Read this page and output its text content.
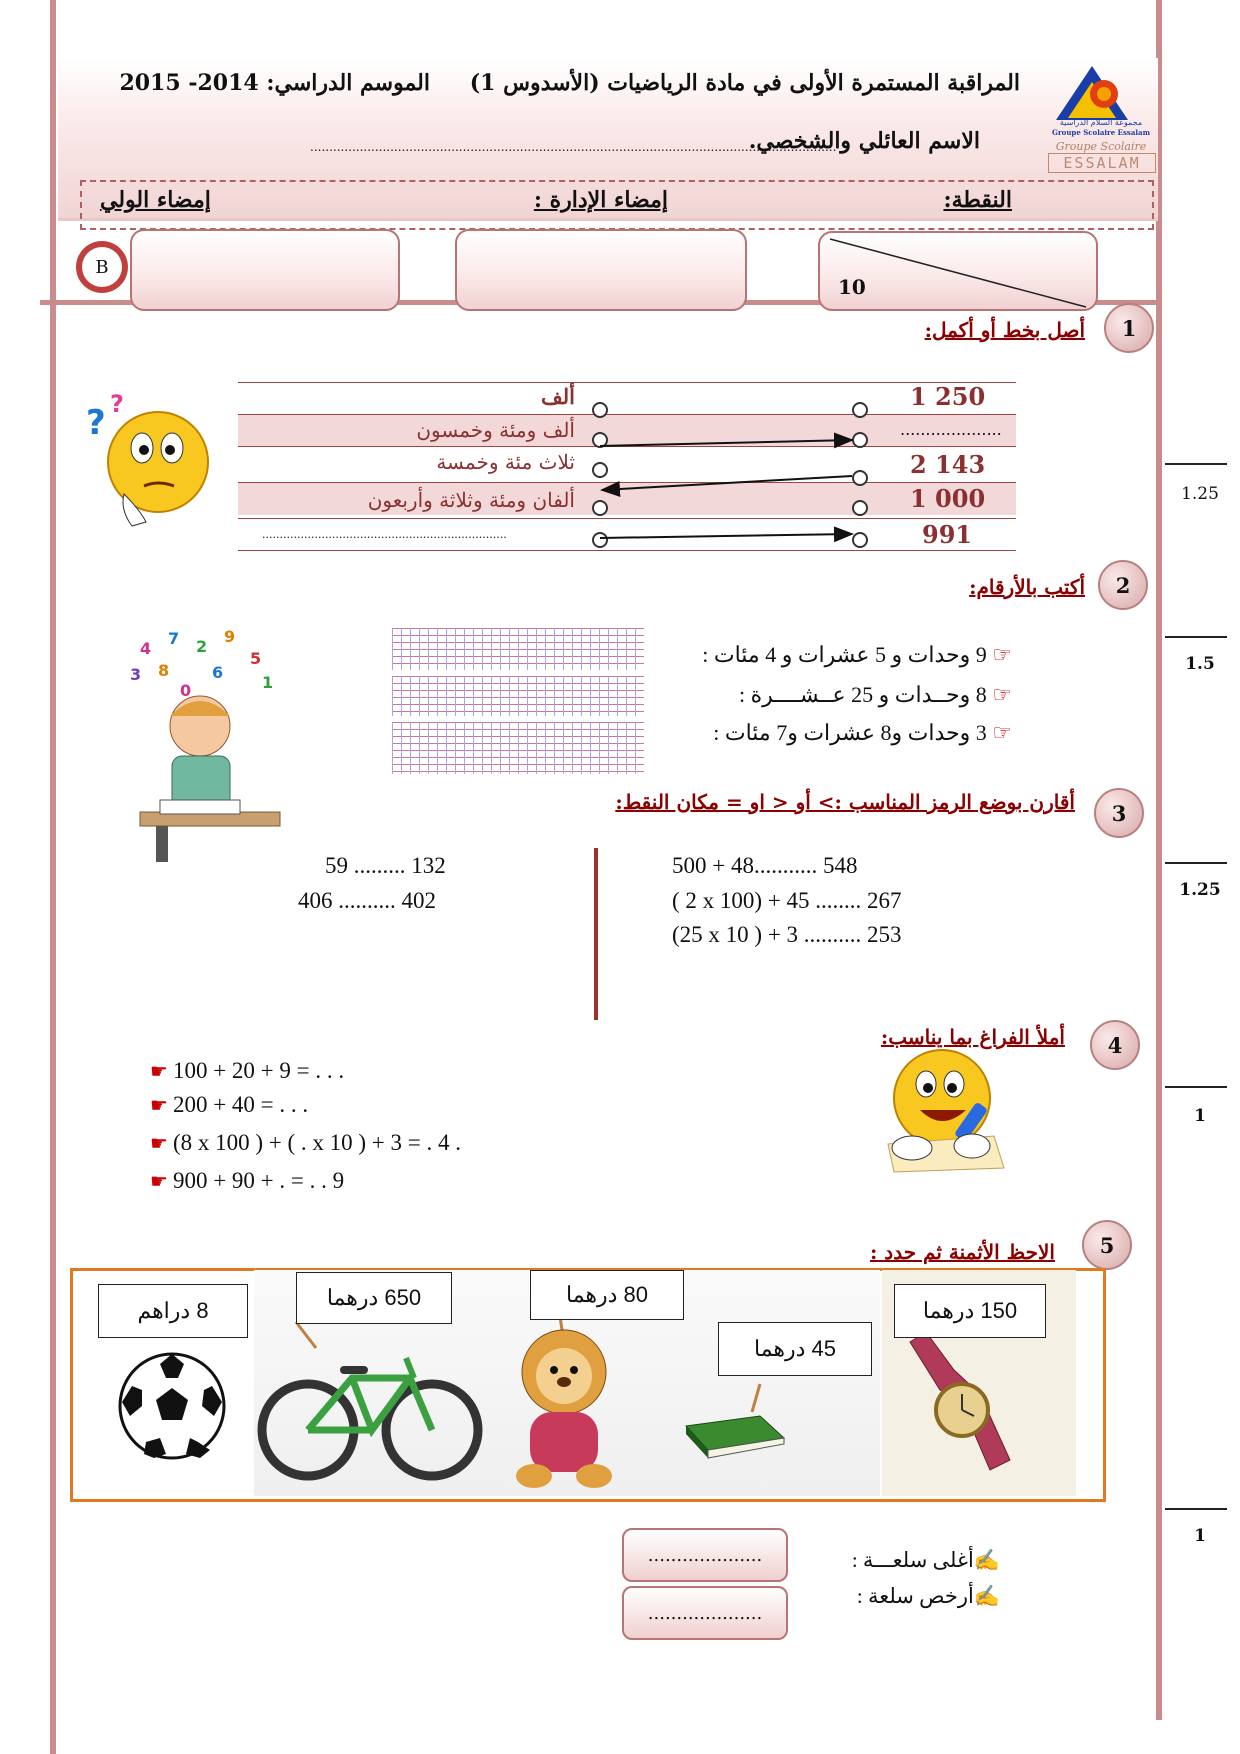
مجموعة السلام الدراسية
Groupe Scolaire Essalam
Groupe Scolaire
ESSALAM
المراقبة المستمرة الأولى في مادة الرياضيات (الأسدوس 1)
الموسم الدراسي: 2014- 2015
الاسم العائلي والشخصي.
..........................................................................................................................................
النقطة:
إمضاء الإدارة :
إمضاء الولي
10
B
1
أصل بخط أو أكمل:
1.25
ألف
ألف ومئة وخمسون
ثلاث مئة وخمسة
ألفان ومئة وثلاثة وأربعون
......................................................................
1 250
....................
2 143
1 000
991
? ?
2
أكتب بالأرقام:
1.5
☞ 9 وحدات و 5 عشرات و 4 مئات :
☞ 8 وحــدات و 25 عــشــــرة :
☞ 3 وحدات و8 عشرات و7 مئات :
4
7 2
9
3
5
8	6
1
0
3
أقارن بوضع الرمز المناسب :> أو < او = مكان النقط:
1.25
59 ......... 132
406 .......... 402
500 + 48........... 548
( 2 x 100) + 45 ........ 267
(25 x 10 ) + 3 .......... 253
4
أملأ الفراغ بما يناسب:
1
☛ 100 + 20 + 9 = . . .
☛ 200 + 40 = . . .
☛ (8 x 100 ) + ( . x 10 ) + 3 = . 4 .
☛ 900 + 90 + . = . . 9
5
الاحظ الأثمنة ثم حدد :
1
8 دراهم
650 درهما	80 درهما
45 درهما
150 درهما
✍أغلى سلعـــة :
✍أرخص سلعة :
....................
....................
